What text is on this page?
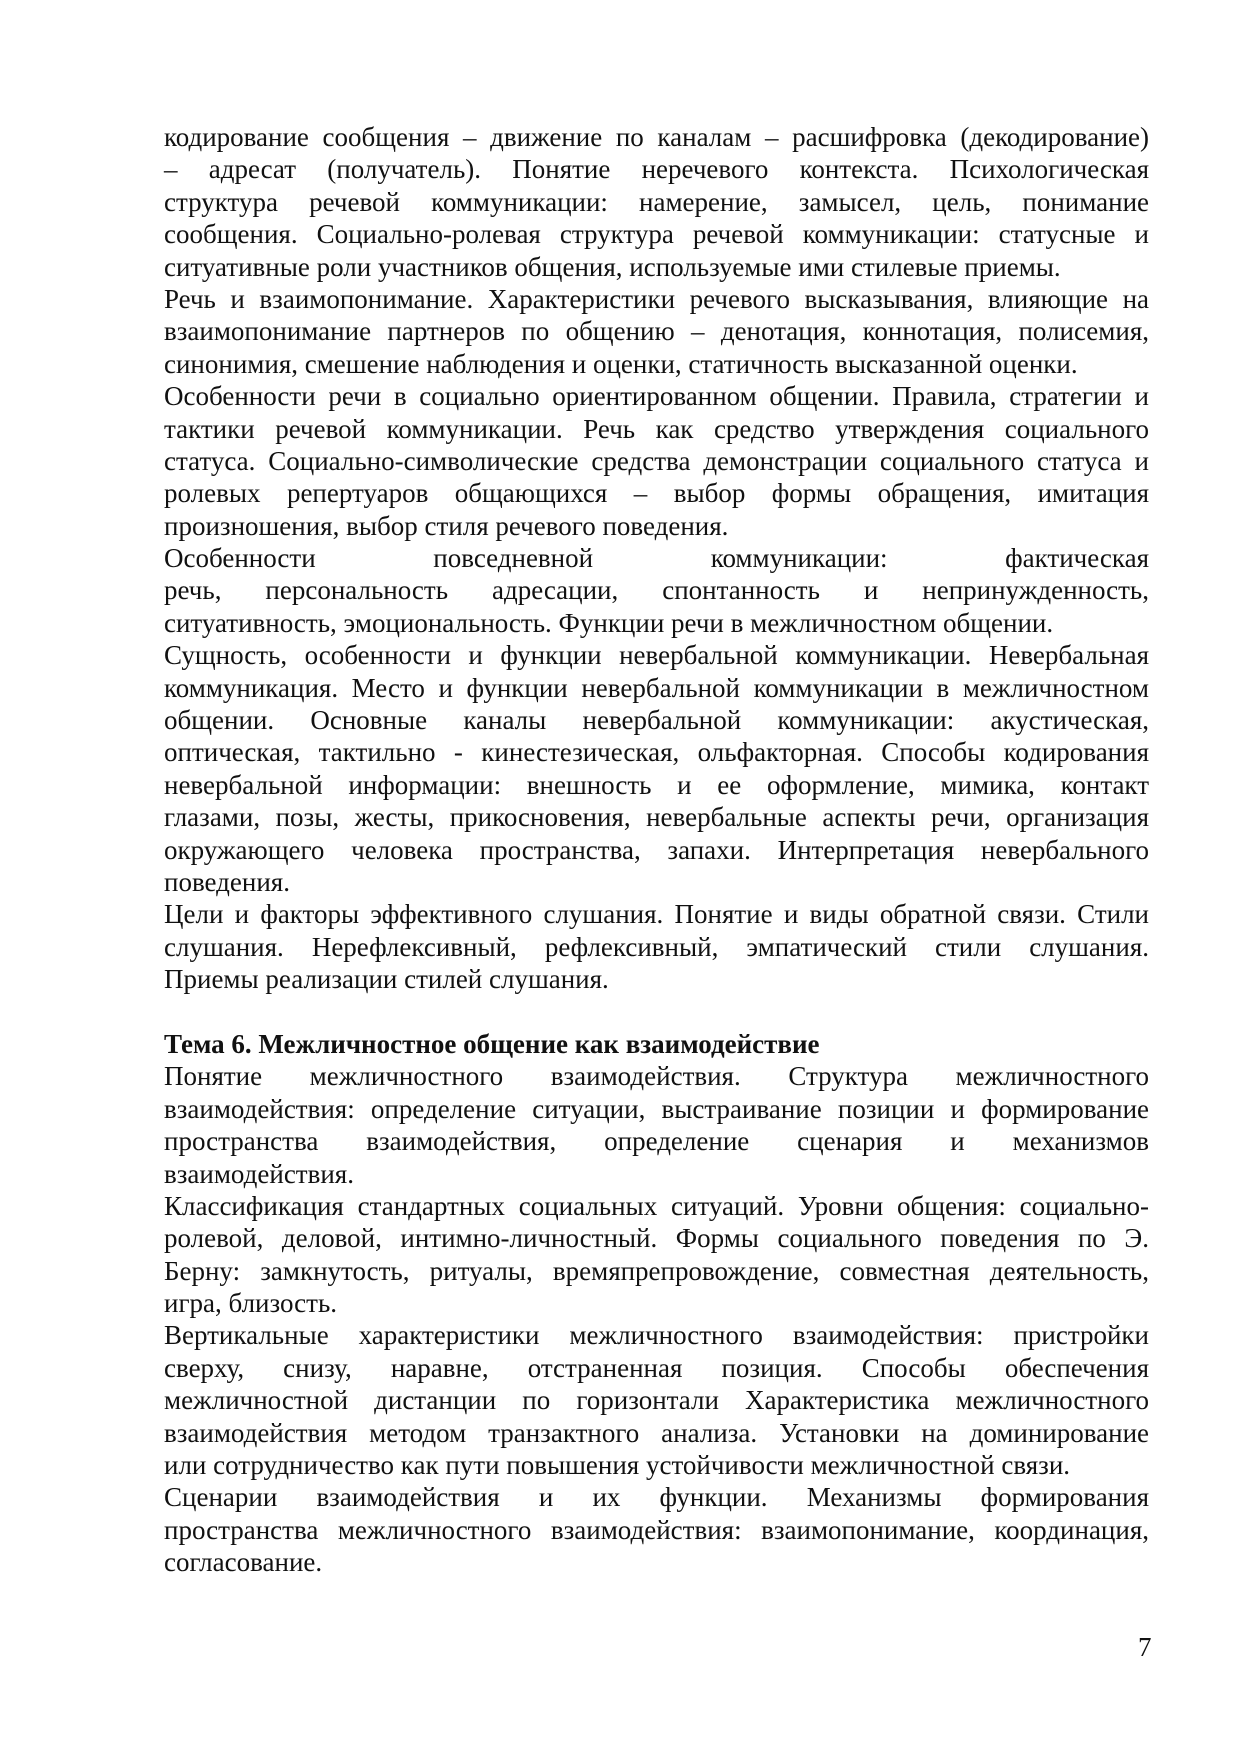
кодирование сообщения – движение по каналам – расшифровка (декодирование)
– адресат (получатель). Понятие неречевого контекста. Психологическая
структура речевой коммуникации: намерение, замысел, цель, понимание
сообщения. Социально-ролевая структура речевой коммуникации: статусные и
ситуативные роли участников общения, используемые ими стилевые приемы.
Речь и взаимопонимание. Характеристики речевого высказывания, влияющие на
взаимопонимание партнеров по общению – денотация, коннотация, полисемия,
синонимия, смешение наблюдения и оценки, статичность высказанной оценки.
Особенности речи в социально ориентированном общении. Правила, стратегии и
тактики речевой коммуникации. Речь как средство утверждения социального
статуса. Социально-символические средства демонстрации социального статуса и
ролевых репертуаров общающихся – выбор формы обращения, имитация
произношения, выбор стиля речевого поведения.
Особенности повседневной коммуникации: фактическая
речь, персональность адресации, спонтанность и непринужденность,
ситуативность, эмоциональность. Функции речи в межличностном общении.
Сущность, особенности и функции невербальной коммуникации. Невербальная
коммуникация. Место и функции невербальной коммуникации в межличностном
общении. Основные каналы невербальной коммуникации: акустическая,
оптическая, тактильно - кинестезическая, ольфакторная. Способы кодирования
невербальной информации: внешность и ее оформление, мимика, контакт
глазами, позы, жесты, прикосновения, невербальные аспекты речи, организация
окружающего человека пространства, запахи. Интерпретация невербального
поведения.
Цели и факторы эффективного слушания. Понятие и виды обратной связи. Стили
слушания. Нерефлексивный, рефлексивный, эмпатический стили слушания.
Приемы реализации стилей слушания.
Тема 6. Межличностное общение как взаимодействие
Понятие межличностного взаимодействия. Структура межличностного
взаимодействия: определение ситуации, выстраивание позиции и формирование
пространства взаимодействия, определение сценария и механизмов
взаимодействия.
Классификация стандартных социальных ситуаций. Уровни общения: социально-
ролевой, деловой, интимно-личностный. Формы социального поведения по Э.
Берну: замкнутость, ритуалы, времяпрепровождение, совместная деятельность,
игра, близость.
Вертикальные характеристики межличностного взаимодействия: пристройки
сверху, снизу, наравне, отстраненная позиция. Способы обеспечения
межличностной дистанции по горизонтали Характеристика межличностного
взаимодействия методом транзактного анализа. Установки на доминирование
или сотрудничество как пути повышения устойчивости межличностной связи.
Сценарии взаимодействия и их функции. Механизмы формирования
пространства межличностного взаимодействия: взаимопонимание, координация,
согласование.
7
